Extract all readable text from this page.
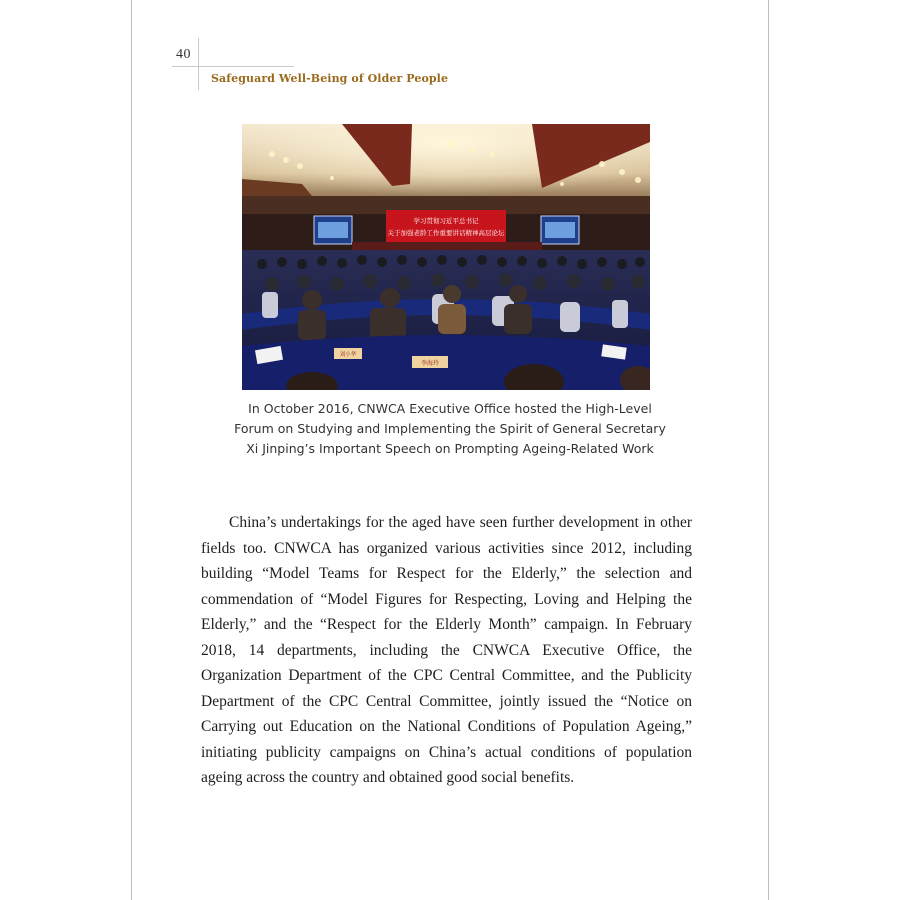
40
Safeguard Well-Being of Older People
学习贯彻习近平总书记
关于加强老龄工作重要讲话精神高层论坛
李海玲
刘小华
In October 2016, CNWCA Executive Office hosted the High-Level
Forum on Studying and Implementing the Spirit of General Secretary
Xi Jinping’s Important Speech on Prompting Ageing-Related Work

China’s undertakings for the aged have seen further development in other fields too. CNWCA has organized various activities since 2012, including building “Model Teams for Respect for the Elderly,” the selection and commendation of “Model Figures for Respecting, Loving and Helping the Elderly,” and the “Respect for the Elderly Month” campaign. In February 2018, 14 departments, including the CNWCA Executive Office, the Organization Department of the CPC Central Committee, and the Publicity Department of the CPC Central Committee, jointly issued the “Notice on Carrying out Education on the National Conditions of Population Ageing,” initiating publicity campaigns on China’s actual conditions of population ageing across the country and obtained good social benefits.
